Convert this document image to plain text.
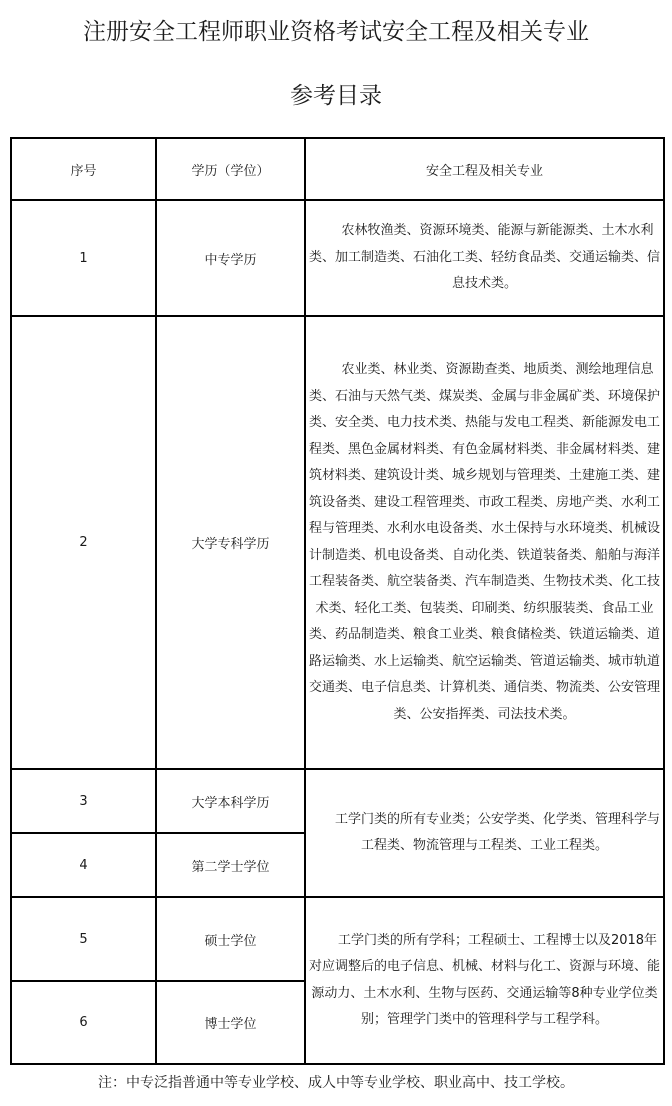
注册安全工程师职业资格考试安全工程及相关专业
参考目录
序号	学历（学位）	安全工程及相关专业
1	中专学历	农林牧渔类、资源环境类、能源与新能源类、土木水利类、加工制造类、石油化工类、轻纺食品类、交通运输类、信息技术类。
2	大学专科学历	农业类、林业类、资源勘查类、地质类、测绘地理信息类、石油与天然气类、煤炭类、金属与非金属矿类、环境保护类、安全类、电力技术类、热能与发电工程类、新能源发电工程类、黑色金属材料类、有色金属材料类、非金属材料类、建筑材料类、建筑设计类、城乡规划与管理类、土建施工类、建筑设备类、建设工程管理类、市政工程类、房地产类、水利工程与管理类、水利水电设备类、水土保持与水环境类、机械设计制造类、机电设备类、自动化类、铁道装备类、船舶与海洋工程装备类、航空装备类、汽车制造类、生物技术类、化工技术类、轻化工类、包装类、印刷类、纺织服装类、食品工业类、药品制造类、粮食工业类、粮食储检类、铁道运输类、道路运输类、水上运输类、航空运输类、管道运输类、城市轨道交通类、电子信息类、计算机类、通信类、物流类、公安管理类、公安指挥类、司法技术类。
3	大学本科学历	工学门类的所有专业类；公安学类、化学类、管理科学与工程类、物流管理与工程类、工业工程类。
4	第二学士学位	
5	硕士学位	工学门类的所有学科；工程硕士、工程博士以及2018年对应调整后的电子信息、机械、材料与化工、资源与环境、能源动力、土木水利、生物与医药、交通运输等8种专业学位类别；管理学门类中的管理科学与工程学科。
6	博士学位	
注：中专泛指普通中等专业学校、成人中等专业学校、职业高中、技工学校。
